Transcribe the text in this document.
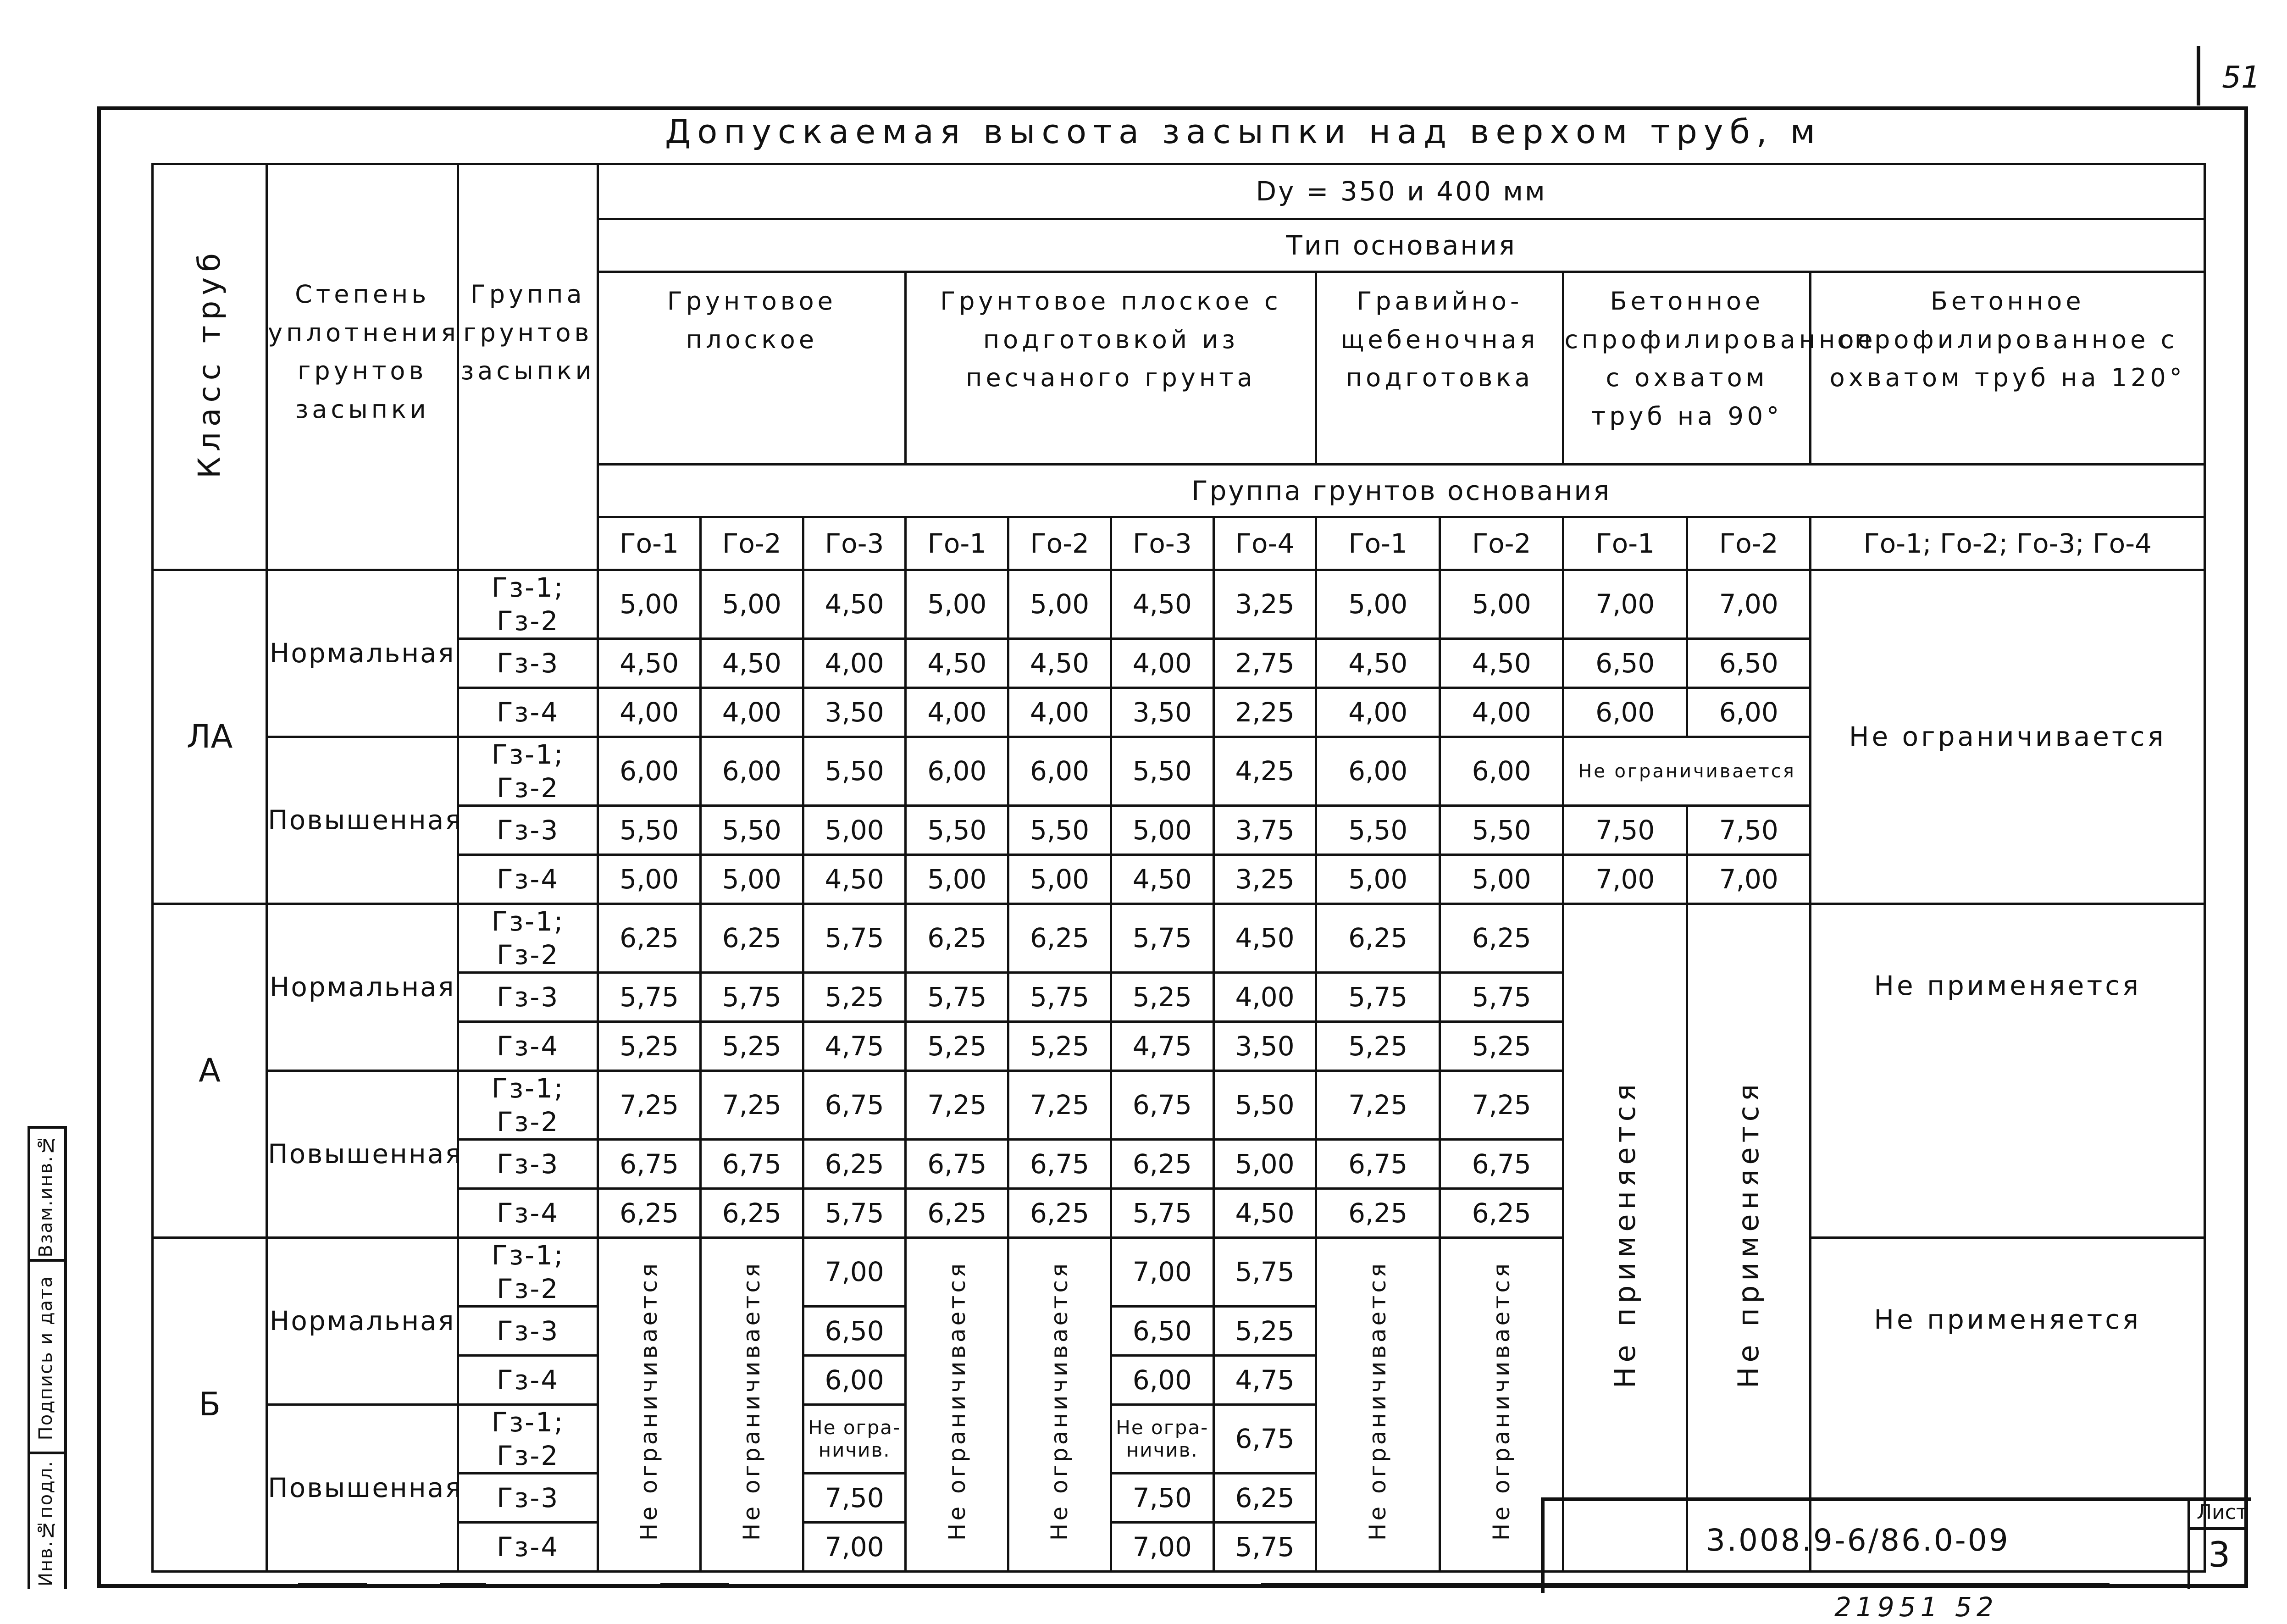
51
Допускаемая высота засыпки над верхом труб, м
Класс труб	Степень уплотнения грунтов засыпки	Группа грунтов засыпки	Dy = 350 и 400 мм											
			Тип основания											
			Грунтовое плоское			Грунтовое плоское с подготовкой из песчаного грунта				Гравийно-щебеночная подготовка		Бетонное спрофилированное с охватом труб на 90°		Бетонное спрофилированное с охватом труб на 120°
			Группа грунтов основания											
			Го-1	Го-2	Го-3	Го-1	Го-2	Го-3	Го-4	Го-1	Го-2	Го-1	Го-2	Го-1; Го-2; Го-3; Го-4
ЛА	Нормальная	Гз-1; Гз-2	5,00	5,00	4,50	5,00	5,00	4,50	3,25	5,00	5,00	7,00	7,00	Не ограничивается
		Гз-3	4,50	4,50	4,00	4,50	4,50	4,00	2,75	4,50	4,50	6,50	6,50	
		Гз-4	4,00	4,00	3,50	4,00	4,00	3,50	2,25	4,00	4,00	6,00	6,00	
	Повышенная	Гз-1; Гз-2	6,00	6,00	5,50	6,00	6,00	5,50	4,25	6,00	6,00	Не ограничивается		
		Гз-3	5,50	5,50	5,00	5,50	5,50	5,00	3,75	5,50	5,50	7,50	7,50	
		Гз-4	5,00	5,00	4,50	5,00	5,00	4,50	3,25	5,00	5,00	7,00	7,00	
А	Нормальная	Гз-1; Гз-2	6,25	6,25	5,75	6,25	6,25	5,75	4,50	6,25	6,25	Не применяется	Не применяется	Не применяется
		Гз-3	5,75	5,75	5,25	5,75	5,75	5,25	4,00	5,75	5,75			
		Гз-4	5,25	5,25	4,75	5,25	5,25	4,75	3,50	5,25	5,25			
	Повышенная	Гз-1; Гз-2	7,25	7,25	6,75	7,25	7,25	6,75	5,50	7,25	7,25			
		Гз-3	6,75	6,75	6,25	6,75	6,75	6,25	5,00	6,75	6,75			
		Гз-4	6,25	6,25	5,75	6,25	6,25	5,75	4,50	6,25	6,25			
Б	Нормальная	Гз-1; Гз-2	Не ограничивается	Не ограничивается	7,00	Не ограничивается	Не ограничивается	7,00	5,75	Не ограничивается	Не ограничивается			Не применяется
		Гз-3			6,50			6,50	5,25					
		Гз-4			6,00			6,00	4,75					
	Повышенная	Гз-1; Гз-2			Не огра-ничив.			Не огра-ничив.	6,75					
		Гз-3			7,50			7,50	6,25					
		Гз-4			7,00			7,00	5,75					
Взам.инв.№
Подпись и дата
Инв.№подл.	3.008.9-6/86.0-09
Лист
3
21951 52
